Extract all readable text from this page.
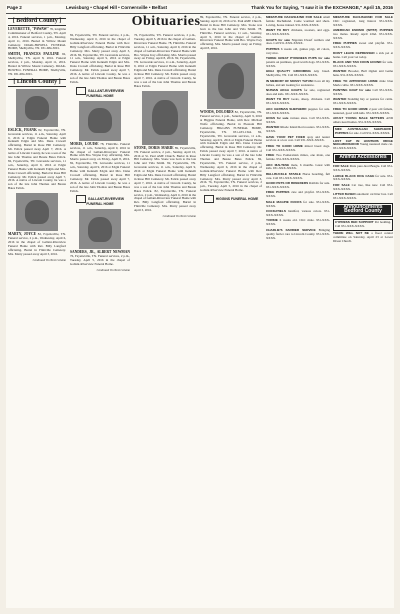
Page 2	Lewisburg • Chapel Hill • Cornersville • Belfast	Thank You for Saying, "I saw it in the EXCHANGE," April 15, 2016
Obituaries
[ Bedford County ]
LEVERETTE, "PAWAW" 76, longtime Commissioner of Bedford County, TN. April 4, 2016. Funeral services, 1 p.m., Monday, April 11, 2016. Buried in Willow Mount Cemetery. DOAK-HOWELL FUNERAL HOME, Shelbyville, TN. 931-684-3001.
SMITH, FRANCES PAULINE 92, Shelbyville, TN. April 8, 2016. Funeral services, 2 p.m., Monday, April 11, 2016. Buried in Willow Mount Cemetery. DOAK-HOWELL FUNERAL HOME, Shelbyville, TN. 931-684-3001.
[ Lincoln County ]
ESLICK, FRANK 82, Fayetteville, TN. Graveside services, 11 a.m., Saturday, April 9, 2016 at Edgin Funeral Home with Kenneth Edgin and Mrs. Dana Crowell officiating. Burial in Rose Hill Cemetery. Mr. Eslick passed away April 7, 2016. A native of Lincoln County, he was a son of the late John Thomas and Bessie Bates Eslick. 82, Fayetteville, TN. Graveside services, 11 a.m., Saturday, April 9, 2016 at Edgin Funeral Home with Kenneth Edgin and Mrs. Dana Crowell officiating. Burial in Rose Hill Cemetery. Mr. Eslick passed away April 7, 2016. A native of Lincoln County, he was a son of the late John Thomas and Bessie Bates Eslick.
MARTY, JOYCE 82, Fayetteville, TN. Funeral service, 2 p.m., Wednesday, April 6, 2016 in the chapel of Gallant-Riverview Funeral Home with Rev. Billy Langford officiating. Burial in Flintville Cemetery. Mrs. Marty passed away April 3, 2016.
Continued On Next Column
82, Fayetteville, TN. Funeral service, 2 p.m., Wednesday, April 6, 2016 in the chapel of Gallant-Riverview Funeral Home with Rev. Billy Langford officiating. Burial in Flintville Cemetery. Mrs. Marty passed away April 3, 2016. 82, Fayetteville, TN. Graveside services, 11 a.m., Saturday, April 9, 2016 at Edgin Funeral Home with Kenneth Edgin and Mrs. Dana Crowell officiating. Burial in Rose Hill Cemetery. Mr. Eslick passed away April 7, 2016. A native of Lincoln County, he was a son of the late John Thomas and Bessie Bates Eslick.
GALLANT-RIVERVIEW FUNERAL HOME
MORIS, LOUISE 78, Flintville. Funeral services, 11 a.m., Saturday, April 9, 2016 in the chapel of Gallant-Riverview Funeral Home with Bro. Wayne Ivey officiating. Mrs. Morris passed away on Friday, April 8, 2016. 82, Fayetteville, TN. Graveside services, 11 a.m., Saturday, April 9, 2016 at Edgin Funeral Home with Kenneth Edgin and Mrs. Dana Crowell officiating. Burial in Rose Hill Cemetery. Mr. Eslick passed away April 7, 2016. A native of Lincoln County, he was a son of the late John Thomas and Bessie Bates Eslick.
GALLANT-RIVERVIEW FUNERAL HOME
SANDERS, JR., ALBERT NEWMAN 76, Fayetteville, TN. Funeral services, 2 p.m., Tuesday, April 5, 2016 in the chapel of Gallant-Riverview Funeral Home.
Continued On Next Column
76, Fayetteville, TN. Funeral services, 2 p.m., Tuesday, April 5, 2016 in the chapel of Gallant-Riverview Funeral Home. 78, Flintville. Funeral services, 11 a.m., Saturday, April 9, 2016 in the chapel of Gallant-Riverview Funeral Home with Bro. Wayne Ivey officiating. Mrs. Morris passed away on Friday, April 8, 2016. 82, Fayetteville, TN. Graveside services, 11 a.m., Saturday, April 9, 2016 at Edgin Funeral Home with Kenneth Edgin and Mrs. Dana Crowell officiating. Burial in Rose Hill Cemetery. Mr. Eslick passed away April 7, 2016. A native of Lincoln County, he was a son of the late John Thomas and Bessie Bates Eslick.
STONE, DORIS MARIE 89, Fayetteville, TN. Funeral service, 2 p.m., Sunday, April 10, 2016 at St. Paul AME Church. Burial in Rose Hill Cemetery. Mrs. Stone was born to the late John and Vida Smith. 82, Fayetteville, TN. Graveside services, 11 a.m., Saturday, April 9, 2016 at Edgin Funeral Home with Kenneth Edgin and Mrs. Dana Crowell officiating. Burial in Rose Hill Cemetery. Mr. Eslick passed away April 7, 2016. A native of Lincoln County, he was a son of the late John Thomas and Bessie Bates Eslick. 82, Fayetteville, TN. Funeral service, 2 p.m., Wednesday, April 6, 2016 in the chapel of Gallant-Riverview Funeral Home with Rev. Billy Langford officiating. Burial in Flintville Cemetery. Mrs. Marty passed away April 3, 2016.
Continued On Next Column
89, Fayetteville, TN. Funeral service, 2 p.m., Sunday, April 10, 2016 at St. Paul AME Church. Burial in Rose Hill Cemetery. Mrs. Stone was born to the late John and Vida Smith. 78, Flintville. Funeral services, 11 a.m., Saturday, April 9, 2016 in the chapel of Gallant-Riverview Funeral Home with Bro. Wayne Ivey officiating. Mrs. Morris passed away on Friday, April 8, 2016.
WOODS, DOLORES 82, Fayetteville, TN. Funeral service, 2 p.m., Saturday, April 9, 2016 at Higgins Funeral Home, with Rev. Michael Wolfe officiating. Burial in Pleasant Hill Cemetery. HIGGINS FUNERAL HOME, Fayetteville, TN. 931-433-1344. 82, Fayetteville, TN. Graveside services, 11 a.m., Saturday, April 9, 2016 at Edgin Funeral Home with Kenneth Edgin and Mrs. Dana Crowell officiating. Burial in Rose Hill Cemetery. Mr. Eslick passed away April 7, 2016. A native of Lincoln County, he was a son of the late John Thomas and Bessie Bates Eslick. 82, Fayetteville, TN. Funeral service, 2 p.m., Wednesday, April 6, 2016 in the chapel of Gallant-Riverview Funeral Home with Rev. Billy Langford officiating. Burial in Flintville Cemetery. Mrs. Marty passed away April 3, 2016. 76, Fayetteville, TN. Funeral services, 2 p.m., Tuesday, April 5, 2016 in the chapel of Gallant-Riverview Funeral Home.
HIGGINS FUNERAL HOME
MINIATURE DACHSHUND FOR SALE small female Dachshund. Come wormed and shots. Loving, house trained. 931-XXX-XXXX.
WANT TO BUY chickens, roosters, and eggs. 931-XXX-XXXX.
GOATS for sale Nigerian Dwarf wethers and does. Call 931-XXX-XXXX.
PUPPIES 6 weeks old, guinea pigs, all colors, very nice.
THREE GREAT PYRENEES PUPS for sale parents on premises, good watch dogs. 931-XXX-XXXX.
HIGH QUALITY GROOMING Any breed. Shelbyville, TN. Call 931-XXX-XXXX.
IN MEMORY OF MOSSY TATUM I love all my babies, and am looking for assistance.
NUBIAN AKGA GOATS for sale, registered does and kids. 931-XXX-XXXX.
WANT TO BUY Goats, sheep, chickens. Call 931-XXX-XXXX.
AKC GERMAN SHEPHERD puppies for sale. 931-XXX-XXXX.
HOGS for sale various sizes. Call 931-XXX-XXXX.
WANTED Rhode Island Red roosters. 931-XXX-XXXX.
HAVE YOUR PET FIXED spay and neuter services at a low cost. Call 931-XXX-XXXX.
FREE TO GOOD HOME mixed breed dogs. Call 931-XXX-XXXX.
FREE Two Pomeranian mixes, one male, one female. 931-XXX-XXXX.
AKC MALTESE male, 6 months. Great with kids. 931-XXX-XXXX.
BELLBUCKLE STABLE Horse boarding, full care. Call 931-XXX-XXXX.
GOOD PETS OR BREEDERS Rabbits for sale. 931-XXX-XXXX.
FREE PUPPIES cute and playful. 931-XXX-XXXX.
MALE MAGPIE DUCKS for sale. 931-XXX-XXXX.
COCKATIELS handfed, various colors. 931-XXX-XXXX.
YORKIE 6 weeks old. CKC male. 931-XXX-XXXX.
CHARLIE'S FARRIER SERVICE Bringing quality farrier care to Lincoln County. 931-XXX-XXXX.
MINIATURE DACHSHUND FOR SALE CKC registered, long haired. 931-XXX-XXXX.
AMERICAN ESKIMO (SPITZ) PUPPIES two males. Ready April 22nd. 931-XXX-XXXX.
FREE PUPPIES sweet and playful. 931-XXX-XXXX.
DON'T LEAVE DEPRESSED a sick pet at home. Call your vet today.
BLACK AND TAN COON HOUND for sale. 931-XXX-XXXX.
WANTED Brooder, Bull Ogden and Game hens. 931-XXX-XXXX.
FREE TO APPROVED HOME male blue Merle collie. 931-XXX-XXXX.
PAINTING GOAT for sale Call 931-XXX-XXXX.
WANTED Standing hay or pasture for cattle. 931-XXX-XXXX.
FREE TO GOOD HOME 2-year old female, neutered, good with kids. 931-XXX-XXXX.
ADULT YOUNG MALE SETTERS AND others need homes. 931-XXX-XXXX.
MINI AUSTRALIAN SHEPHERD PUPPIES for sale. Call 931-XXX-XXXX.
LOST CAT IN HUNTERS RIDGE NEIGHBORHOOD Young neutered male cat. 931-XXX-XXXX.
Animal Accessories
FOR SALE Male pure-bred Beagle. Call 931-XXX-XXXX.
LARGE BLACK DOG CAGE for sale. 931-XXX-XXXX.
FOR SALE Cat tree, like new. Call 931-XXX-XXXX.
LITTER BASED automatic cat litter box. Call 931-XXX-XXXX.
Announcements Bedford County
CYPRESS BED SUPPORT Pet bedding. Call 931-XXX-XXXX.
THERE WILL NOT BE a flood control committee on Saturday, April 23 at Lower Dixon Church.
